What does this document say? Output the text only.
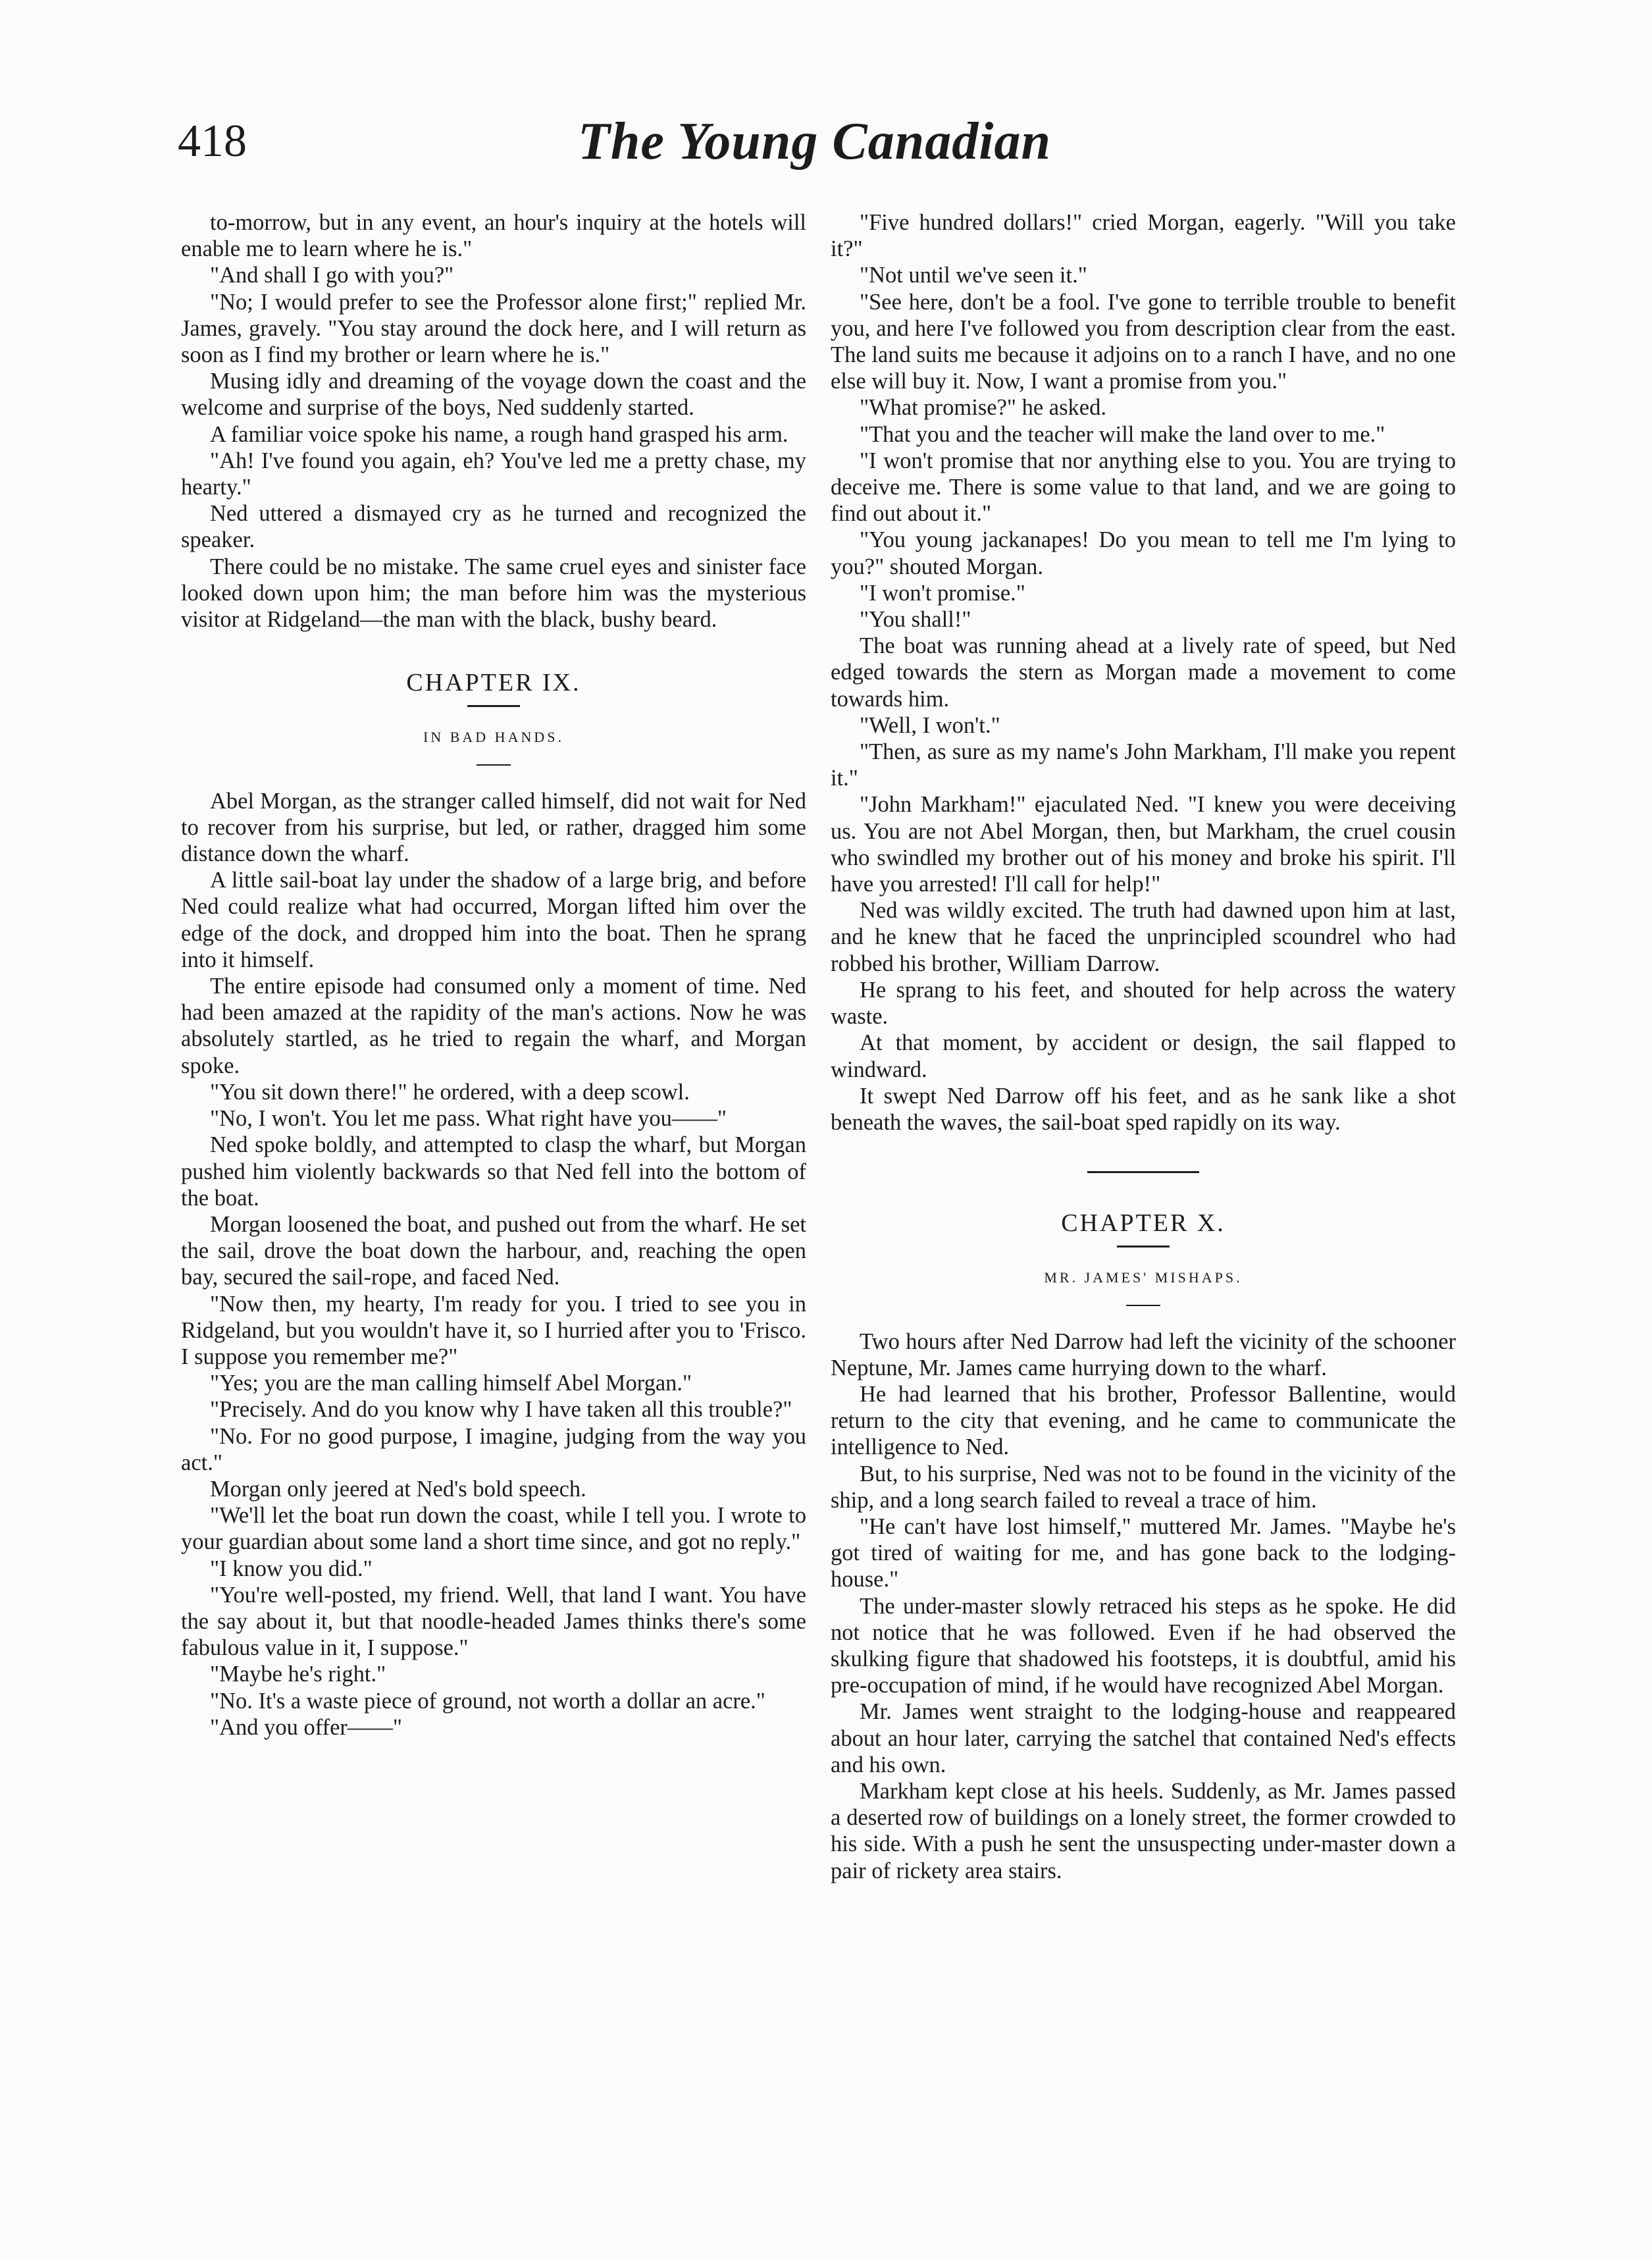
418	The Young Canadian

to-morrow, but in any event, an hour's inquiry at the hotels will enable me to learn where he is."

"And shall I go with you?"

"No; I would prefer to see the Professor alone first;" replied Mr. James, gravely. "You stay around the dock here, and I will return as soon as I find my brother or learn where he is."

Musing idly and dreaming of the voyage down the coast and the welcome and surprise of the boys, Ned suddenly started.

A familiar voice spoke his name, a rough hand grasped his arm.

"Ah! I've found you again, eh? You've led me a pretty chase, my hearty."

Ned uttered a dismayed cry as he turned and recognized the speaker.

There could be no mistake. The same cruel eyes and sinister face looked down upon him; the man before him was the mysterious visitor at Ridgeland—the man with the black, bushy beard.

CHAPTER IX.
IN BAD HANDS.

Abel Morgan, as the stranger called himself, did not wait for Ned to recover from his surprise, but led, or rather, dragged him some distance down the wharf.

A little sail-boat lay under the shadow of a large brig, and before Ned could realize what had occurred, Morgan lifted him over the edge of the dock, and dropped him into the boat. Then he sprang into it himself.

The entire episode had consumed only a moment of time. Ned had been amazed at the rapidity of the man's actions. Now he was absolutely startled, as he tried to regain the wharf, and Morgan spoke.

"You sit down there!" he ordered, with a deep scowl.

"No, I won't. You let me pass. What right have you——"

Ned spoke boldly, and attempted to clasp the wharf, but Morgan pushed him violently backwards so that Ned fell into the bottom of the boat.

Morgan loosened the boat, and pushed out from the wharf. He set the sail, drove the boat down the harbour, and, reaching the open bay, secured the sail-rope, and faced Ned.

"Now then, my hearty, I'm ready for you. I tried to see you in Ridgeland, but you wouldn't have it, so I hurried after you to 'Frisco. I suppose you remember me?"

"Yes; you are the man calling himself Abel Morgan."

"Precisely. And do you know why I have taken all this trouble?"

"No. For no good purpose, I imagine, judging from the way you act."

Morgan only jeered at Ned's bold speech.

"We'll let the boat run down the coast, while I tell you. I wrote to your guardian about some land a short time since, and got no reply."

"I know you did."

"You're well-posted, my friend. Well, that land I want. You have the say about it, but that noodle-headed James thinks there's some fabulous value in it, I suppose."

"Maybe he's right."

"No. It's a waste piece of ground, not worth a dollar an acre."

"And you offer——"

"Five hundred dollars!" cried Morgan, eagerly. "Will you take it?"

"Not until we've seen it."

"See here, don't be a fool. I've gone to terrible trouble to benefit you, and here I've followed you from description clear from the east. The land suits me because it adjoins on to a ranch I have, and no one else will buy it. Now, I want a promise from you."

"What promise?" he asked.

"That you and the teacher will make the land over to me."

"I won't promise that nor anything else to you. You are trying to deceive me. There is some value to that land, and we are going to find out about it."

"You young jackanapes! Do you mean to tell me I'm lying to you?" shouted Morgan.

"I won't promise."

"You shall!"

The boat was running ahead at a lively rate of speed, but Ned edged towards the stern as Morgan made a movement to come towards him.

"Well, I won't."

"Then, as sure as my name's John Markham, I'll make you repent it."

"John Markham!" ejaculated Ned. "I knew you were deceiving us. You are not Abel Morgan, then, but Markham, the cruel cousin who swindled my brother out of his money and broke his spirit. I'll have you arrested! I'll call for help!"

Ned was wildly excited. The truth had dawned upon him at last, and he knew that he faced the unprincipled scoundrel who had robbed his brother, William Darrow.

He sprang to his feet, and shouted for help across the watery waste.

At that moment, by accident or design, the sail flapped to windward.

It swept Ned Darrow off his feet, and as he sank like a shot beneath the waves, the sail-boat sped rapidly on its way.

CHAPTER X.
MR. JAMES' MISHAPS.

Two hours after Ned Darrow had left the vicinity of the schooner Neptune, Mr. James came hurrying down to the wharf.

He had learned that his brother, Professor Ballentine, would return to the city that evening, and he came to communicate the intelligence to Ned.

But, to his surprise, Ned was not to be found in the vicinity of the ship, and a long search failed to reveal a trace of him.

"He can't have lost himself," muttered Mr. James. "Maybe he's got tired of waiting for me, and has gone back to the lodging-house."

The under-master slowly retraced his steps as he spoke. He did not notice that he was followed. Even if he had observed the skulking figure that shadowed his footsteps, it is doubtful, amid his pre-occupation of mind, if he would have recognized Abel Morgan.

Mr. James went straight to the lodging-house and reappeared about an hour later, carrying the satchel that contained Ned's effects and his own.

Markham kept close at his heels. Suddenly, as Mr. James passed a deserted row of buildings on a lonely street, the former crowded to his side. With a push he sent the unsuspecting under-master down a pair of rickety area stairs.
